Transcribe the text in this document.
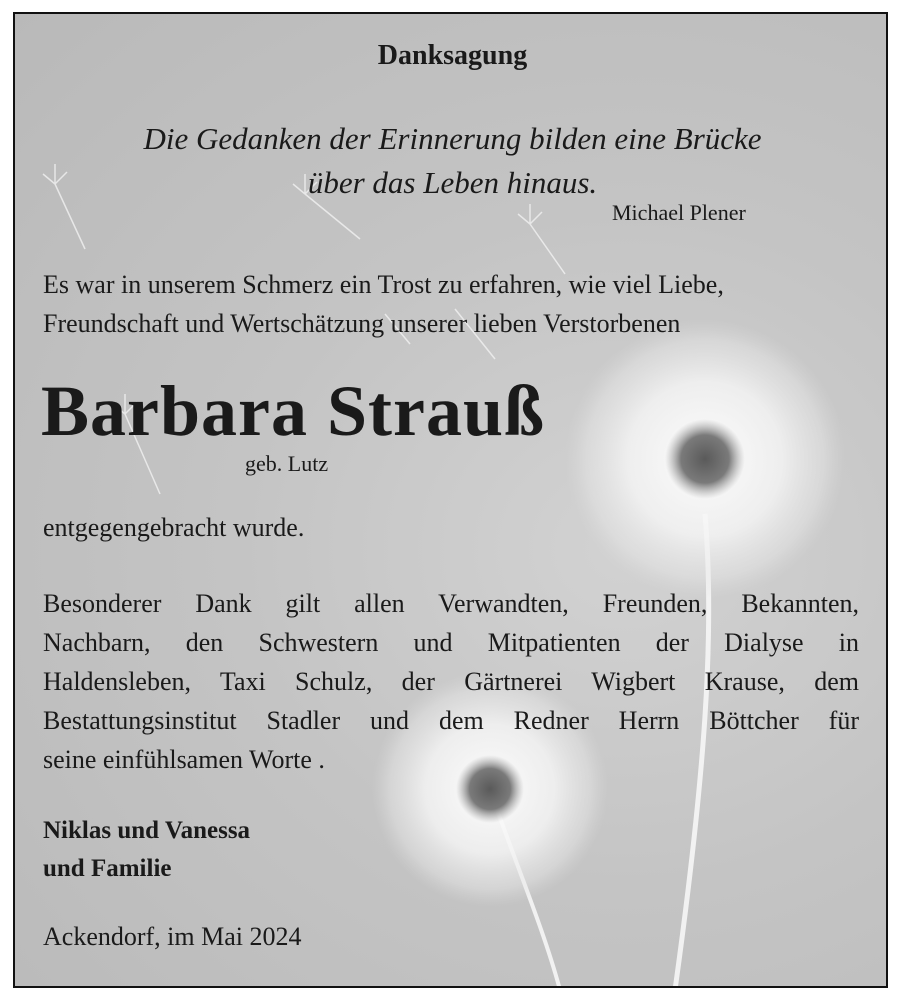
Danksagung

Die Gedanken der Erinnerung bilden eine Brücke

über das Leben hinaus.

Michael Plener

Es war in unserem Schmerz ein Trost zu erfahren, wie viel Liebe,

Freundschaft und Wertschätzung unserer lieben Verstorbenen

Barbara Strauß

geb. Lutz

entgegengebracht wurde.

Besonderer Dank gilt allen Verwandten, Freunden, Bekannten,
Nachbarn, den Schwestern und Mitpatienten der Dialyse in
Haldensleben, Taxi Schulz, der Gärtnerei Wigbert Krause, dem
Bestattungsinstitut Stadler und dem Redner Herrn Böttcher für
seine einfühlsamen Worte .

Niklas und Vanessa

und Familie

Ackendorf, im Mai 2024
